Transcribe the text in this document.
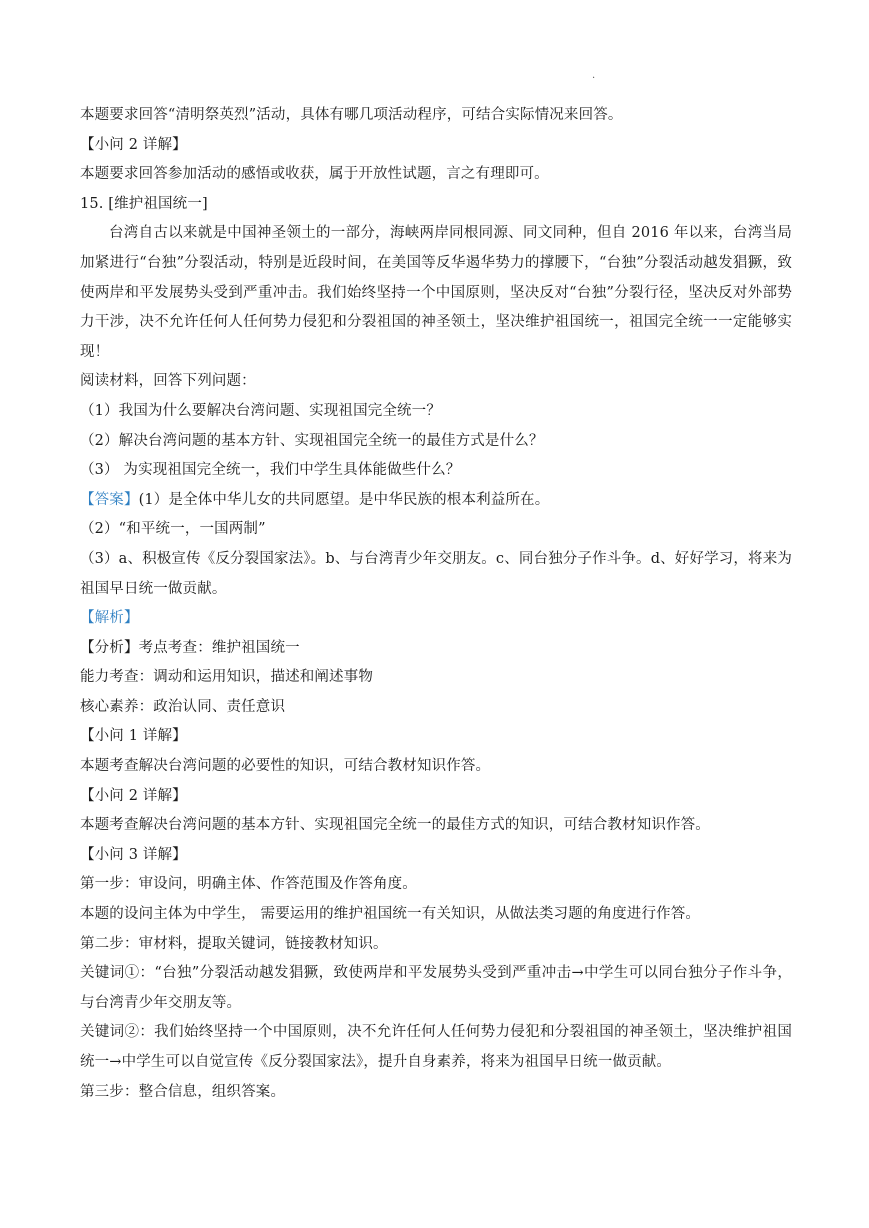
.
本题要求回答“清明祭英烈”活动，具体有哪几项活动程序，可结合实际情况来回答。
【小问 2 详解】
本题要求回答参加活动的感悟或收获，属于开放性试题，言之有理即可。
15. [维护祖国统一]
台湾自古以来就是中国神圣领土的一部分，海峡两岸同根同源、同文同种，但自 2016 年以来，台湾当局加紧进行“台独”分裂活动，特别是近段时间，在美国等反华遏华势力的撑腰下，“台独”分裂活动越发猖獗，致使两岸和平发展势头受到严重冲击。我们始终坚持一个中国原则，坚决反对“台独”分裂行径，坚决反对外部势力干涉，决不允许任何人任何势力侵犯和分裂祖国的神圣领土，坚决维护祖国统一，祖国完全统一一定能够实现！
阅读材料，回答下列问题：
（1）我国为什么要解决台湾问题、实现祖国完全统一？
（2）解决台湾问题的基本方针、实现祖国完全统一的最佳方式是什么？
（3） 为实现祖国完全统一，我们中学生具体能做些什么？
【答案】(1）是全体中华儿女的共同愿望。是中华民族的根本利益所在。
（2）“和平统一，一国两制”
（3）a、积极宣传《反分裂国家法》。b、与台湾青少年交朋友。c、同台独分子作斗争。d、好好学习，将来为祖国早日统一做贡献。
【解析】
【分析】考点考查：维护祖国统一
能力考查：调动和运用知识，描述和阐述事物
核心素养：政治认同、责任意识
【小问 1 详解】
本题考查解决台湾问题的必要性的知识，可结合教材知识作答。
【小问 2 详解】
本题考查解决台湾问题的基本方针、实现祖国完全统一的最佳方式的知识，可结合教材知识作答。
【小问 3 详解】
第一步：审设问，明确主体、作答范围及作答角度。
本题的设问主体为中学生， 需要运用的维护祖国统一有关知识，从做法类习题的角度进行作答。
第二步：审材料，提取关键词，链接教材知识。
关键词①：“台独”分裂活动越发猖獗，致使两岸和平发展势头受到严重冲击→中学生可以同台独分子作斗争，与台湾青少年交朋友等。
关键词②：我们始终坚持一个中国原则，决不允许任何人任何势力侵犯和分裂祖国的神圣领土，坚决维护祖国统一→中学生可以自觉宣传《反分裂国家法》，提升自身素养，将来为祖国早日统一做贡献。
第三步：整合信息，组织答案。
